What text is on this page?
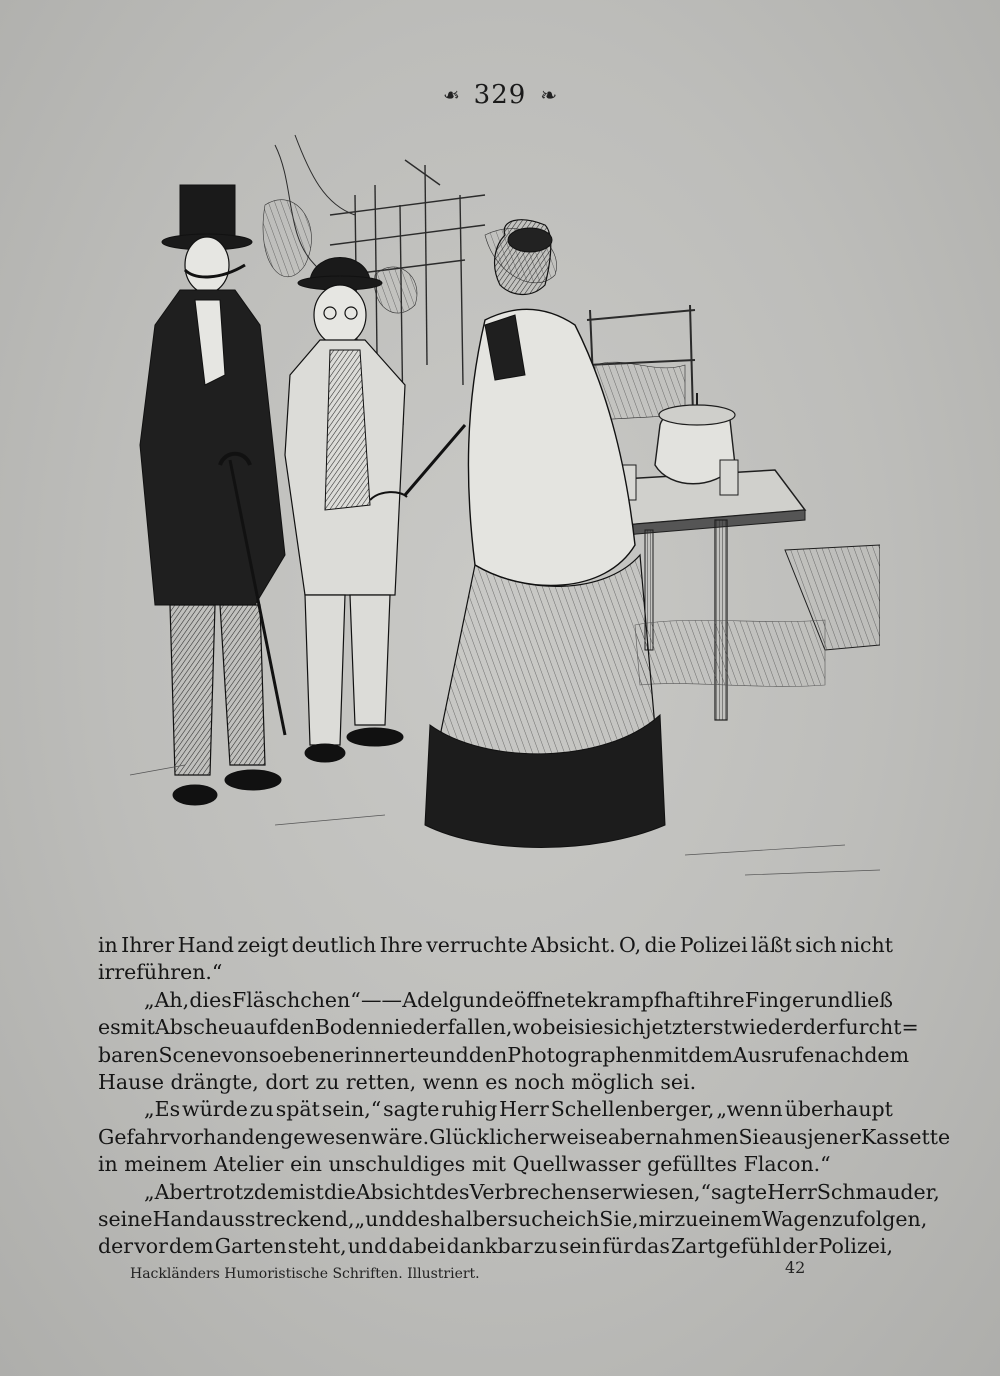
❧ 329 ❧
in Ihrer Hand zeigt deutlich Ihre verruchte Absicht. O, die Polizei läßt sich nicht
irreführen.“
„Ah, dies Fläschchen“ —— Adelgunde öffnete krampfhaft ihre Finger und ließ
es mit Abscheu auf den Boden niederfallen, wobei sie sich jetzt erst wieder der furcht=
baren Scene von soeben erinnerte und den Photographen mit dem Ausrufe nach dem
Hause drängte, dort zu retten, wenn es noch möglich sei.
„Es würde zu spät sein,“ sagte ruhig Herr Schellenberger, „wenn überhaupt
Gefahr vorhanden gewesen wäre. Glücklicherweise aber nahmen Sie aus jener Kassette
in meinem Atelier ein unschuldiges mit Quellwasser gefülltes Flacon.“
„Aber trotzdem ist die Absicht des Verbrechens erwiesen,“ sagte Herr Schmauder,
seine Hand ausstreckend, „und deshalb ersuche ich Sie, mir zu einem Wagen zu folgen,
der vor dem Garten steht, und dabei dankbar zu sein für das Zartgefühl der Polizei,
Hackländers Humoristische Schriften. Illustriert.	42
